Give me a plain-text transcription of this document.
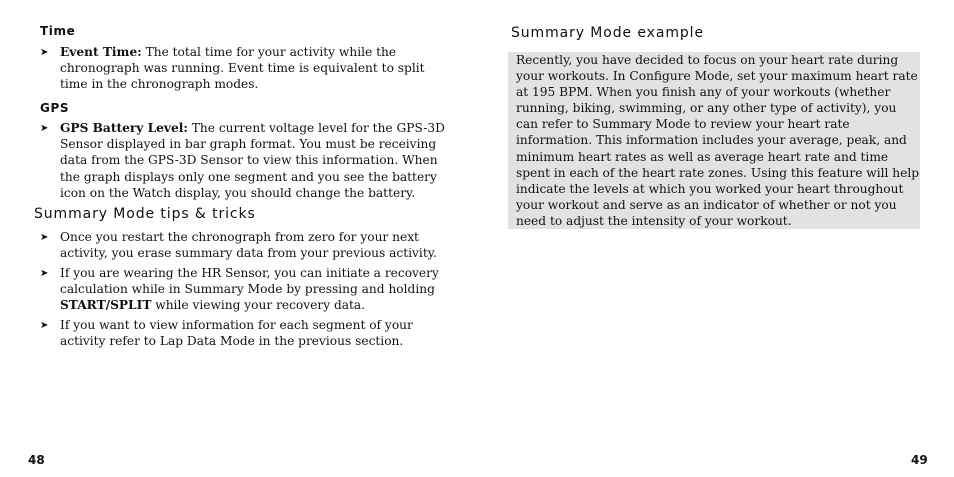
Time
➤ Event Time: The total time for your activity while the chronograph was running. Event time is equivalent to split time in the chronograph modes.
GPS
➤ GPS Battery Level: The current voltage level for the GPS-3D Sensor displayed in bar graph format. You must be receiving data from the GPS-3D Sensor to view this information. When the graph displays only one segment and you see the battery icon on the Watch display, you should change the battery.
Summary Mode tips & tricks
➤ Once you restart the chronograph from zero for your next activity, you erase summary data from your previous activity.
➤ If you are wearing the HR Sensor, you can initiate a recovery calculation while in Summary Mode by pressing and holding START/SPLIT while viewing your recovery data.
➤ If you want to view information for each segment of your activity refer to Lap Data Mode in the previous section.

48

Summary Mode example
Recently, you have decided to focus on your heart rate during your workouts. In Configure Mode, set your maximum heart rate at 195 BPM. When you finish any of your workouts (whether running, biking, swimming, or any other type of activity), you can refer to Summary Mode to review your heart rate information. This information includes your average, peak, and minimum heart rates as well as average heart rate and time spent in each of the heart rate zones. Using this feature will help indicate the levels at which you worked your heart throughout your workout and serve as an indicator of whether or not you need to adjust the intensity of your workout.

49
